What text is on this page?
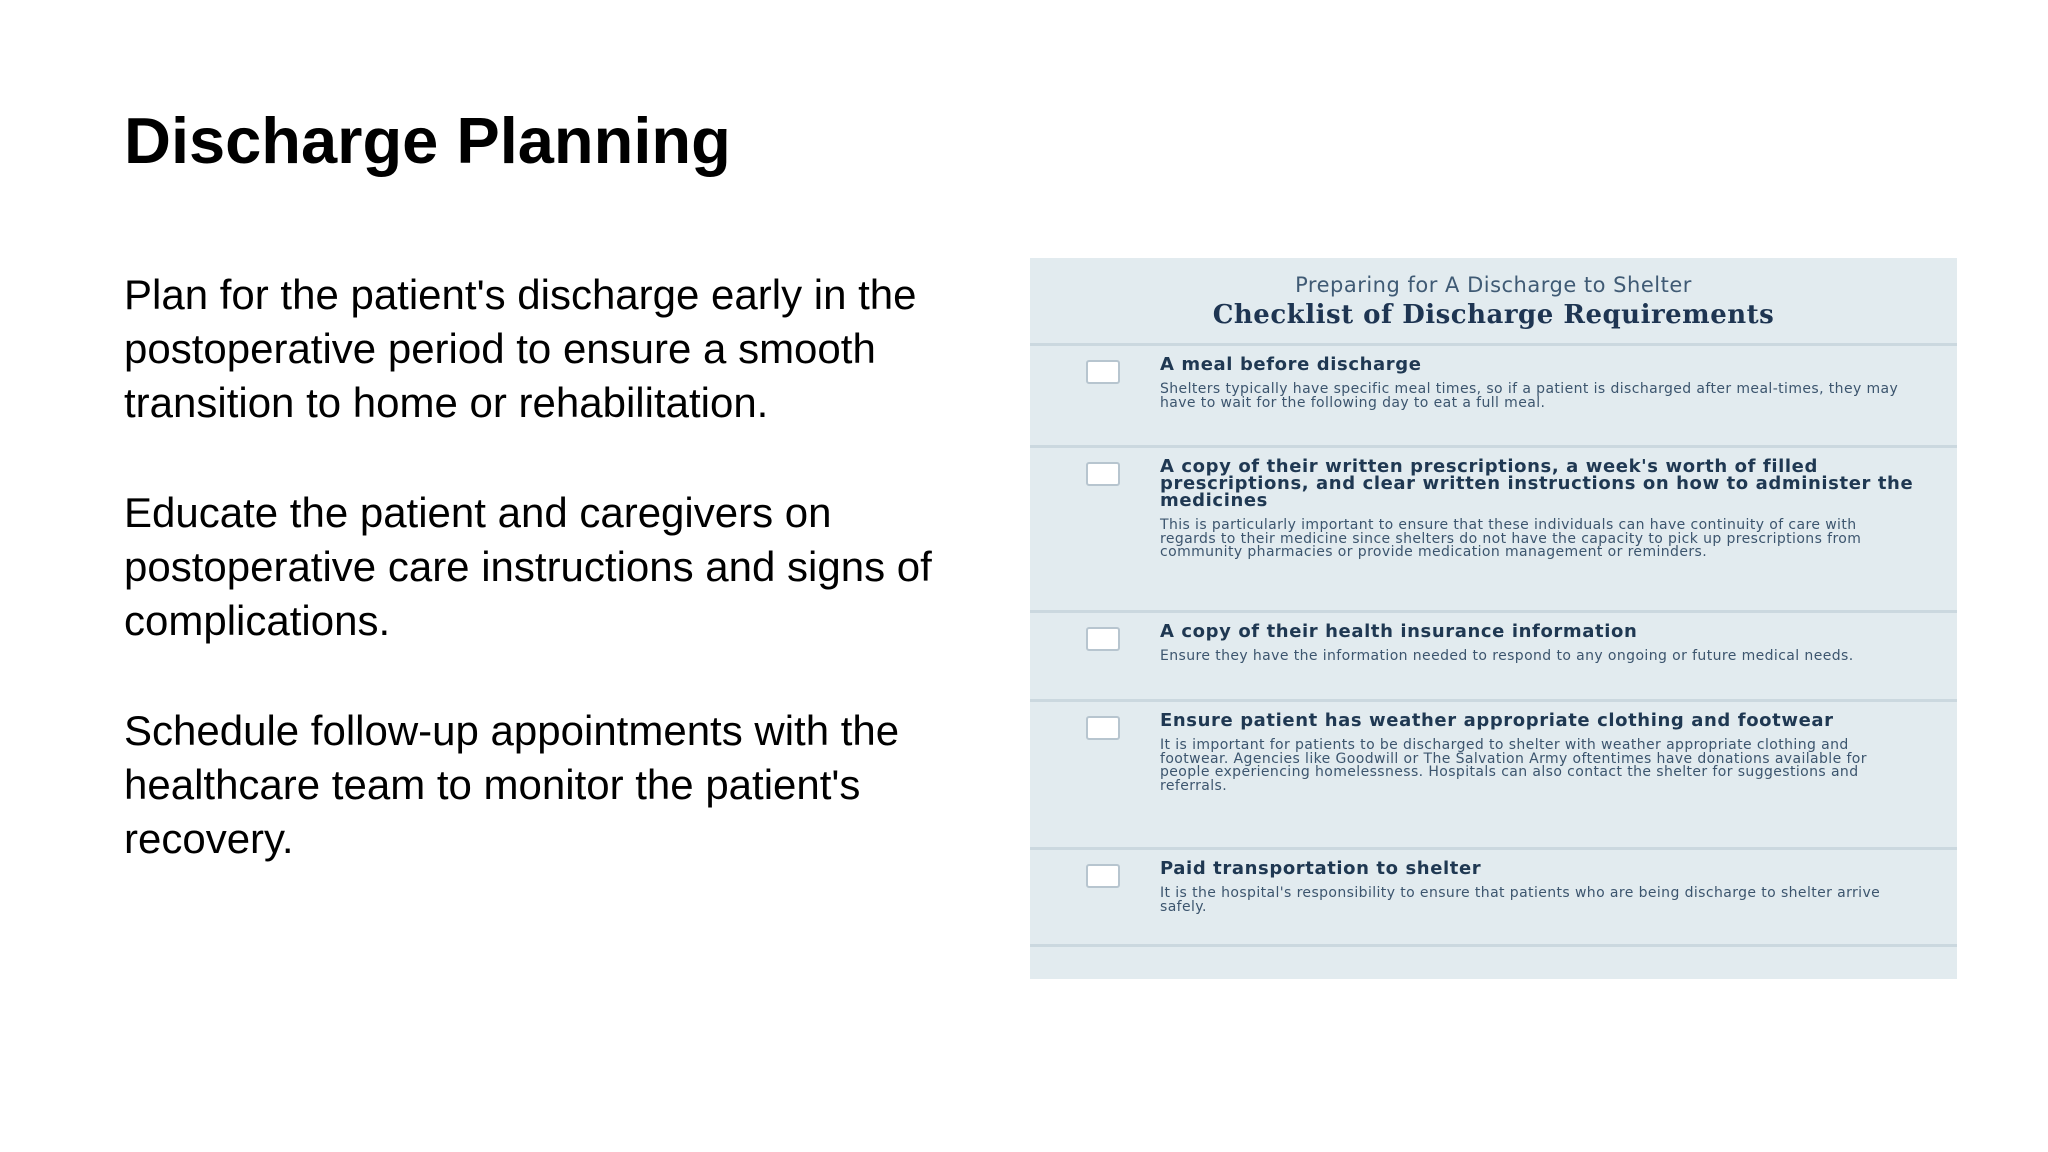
Discharge Planning

Plan for the patient's discharge early in the postoperative period to ensure a smooth transition to home or rehabilitation.

Educate the patient and caregivers on postoperative care instructions and signs of complications.

Schedule follow-up appointments with the healthcare team to monitor the patient's recovery.

Preparing for A Discharge to Shelter
Checklist of Discharge Requirements
A meal before discharge
Shelters typically have specific meal times, so if a patient is discharged after meal-times, they may have to wait for the following day to eat a full meal.
A copy of their written prescriptions, a week's worth of filled prescriptions, and clear written instructions on how to administer the medicines
This is particularly important to ensure that these individuals can have continuity of care with regards to their medicine since shelters do not have the capacity to pick up prescriptions from community pharmacies or provide medication management or reminders.
A copy of their health insurance information
Ensure they have the information needed to respond to any ongoing or future medical needs.
Ensure patient has weather appropriate clothing and footwear
It is important for patients to be discharged to shelter with weather appropriate clothing and footwear. Agencies like Goodwill or The Salvation Army oftentimes have donations available for people experiencing homelessness. Hospitals can also contact the shelter for suggestions and referrals.
Paid transportation to shelter
It is the hospital's responsibility to ensure that patients who are being discharge to shelter arrive safely.
